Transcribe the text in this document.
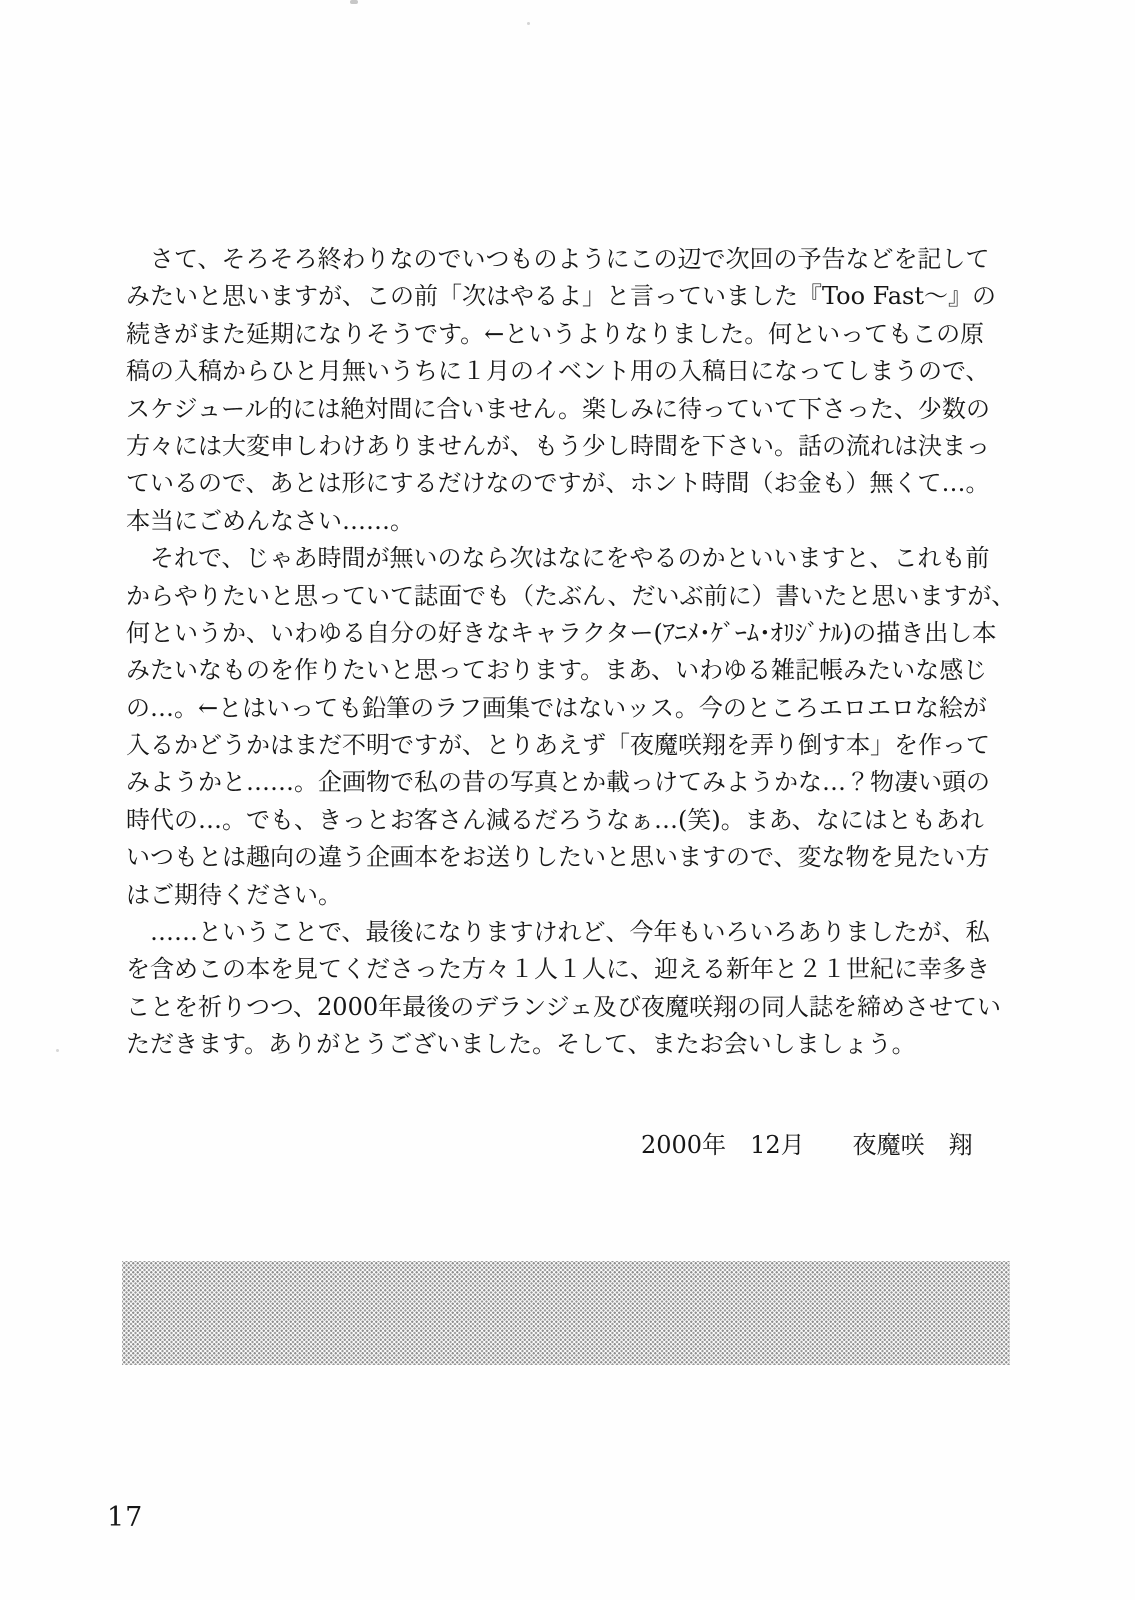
さて、そろそろ終わりなのでいつものようにこの辺で次回の予告などを記して
みたいと思いますが、この前「次はやるよ」と言っていました『Too Fast～』の
続きがまた延期になりそうです。←というよりなりました。何といってもこの原
稿の入稿からひと月無いうちに１月のイベント用の入稿日になってしまうので、
スケジュール的には絶対間に合いません。楽しみに待っていて下さった、少数の
方々には大変申しわけありませんが、もう少し時間を下さい。話の流れは決まっ
ているので、あとは形にするだけなのですが、ホント時間（お金も）無くて…。
本当にごめんなさい……。
それで、じゃあ時間が無いのなら次はなにをやるのかといいますと、これも前
からやりたいと思っていて誌面でも（たぶん、だいぶ前に）書いたと思いますが、
何というか、いわゆる自分の好きなキャラクター(ｱﾆﾒ･ｹﾞｰﾑ･ｵﾘｼﾞﾅﾙ)の描き出し本
みたいなものを作りたいと思っております。まあ、いわゆる雑記帳みたいな感じ
の…。←とはいっても鉛筆のラフ画集ではないッス。今のところエロエロな絵が
入るかどうかはまだ不明ですが、とりあえず「夜魔咲翔を弄り倒す本」を作って
みようかと……。企画物で私の昔の写真とか載っけてみようかな…？物凄い頭の
時代の…。でも、きっとお客さん減るだろうなぁ…(笑)。まあ、なにはともあれ
いつもとは趣向の違う企画本をお送りしたいと思いますので、変な物を見たい方
はご期待ください。
……ということで、最後になりますけれど、今年もいろいろありましたが、私
を含めこの本を見てくださった方々１人１人に、迎える新年と２１世紀に幸多き
ことを祈りつつ、2000年最後のデランジェ及び夜魔咲翔の同人誌を締めさせてい
ただきます。ありがとうございました。そして、またお会いしましょう。
2000年　12月　　夜魔咲　翔
17
